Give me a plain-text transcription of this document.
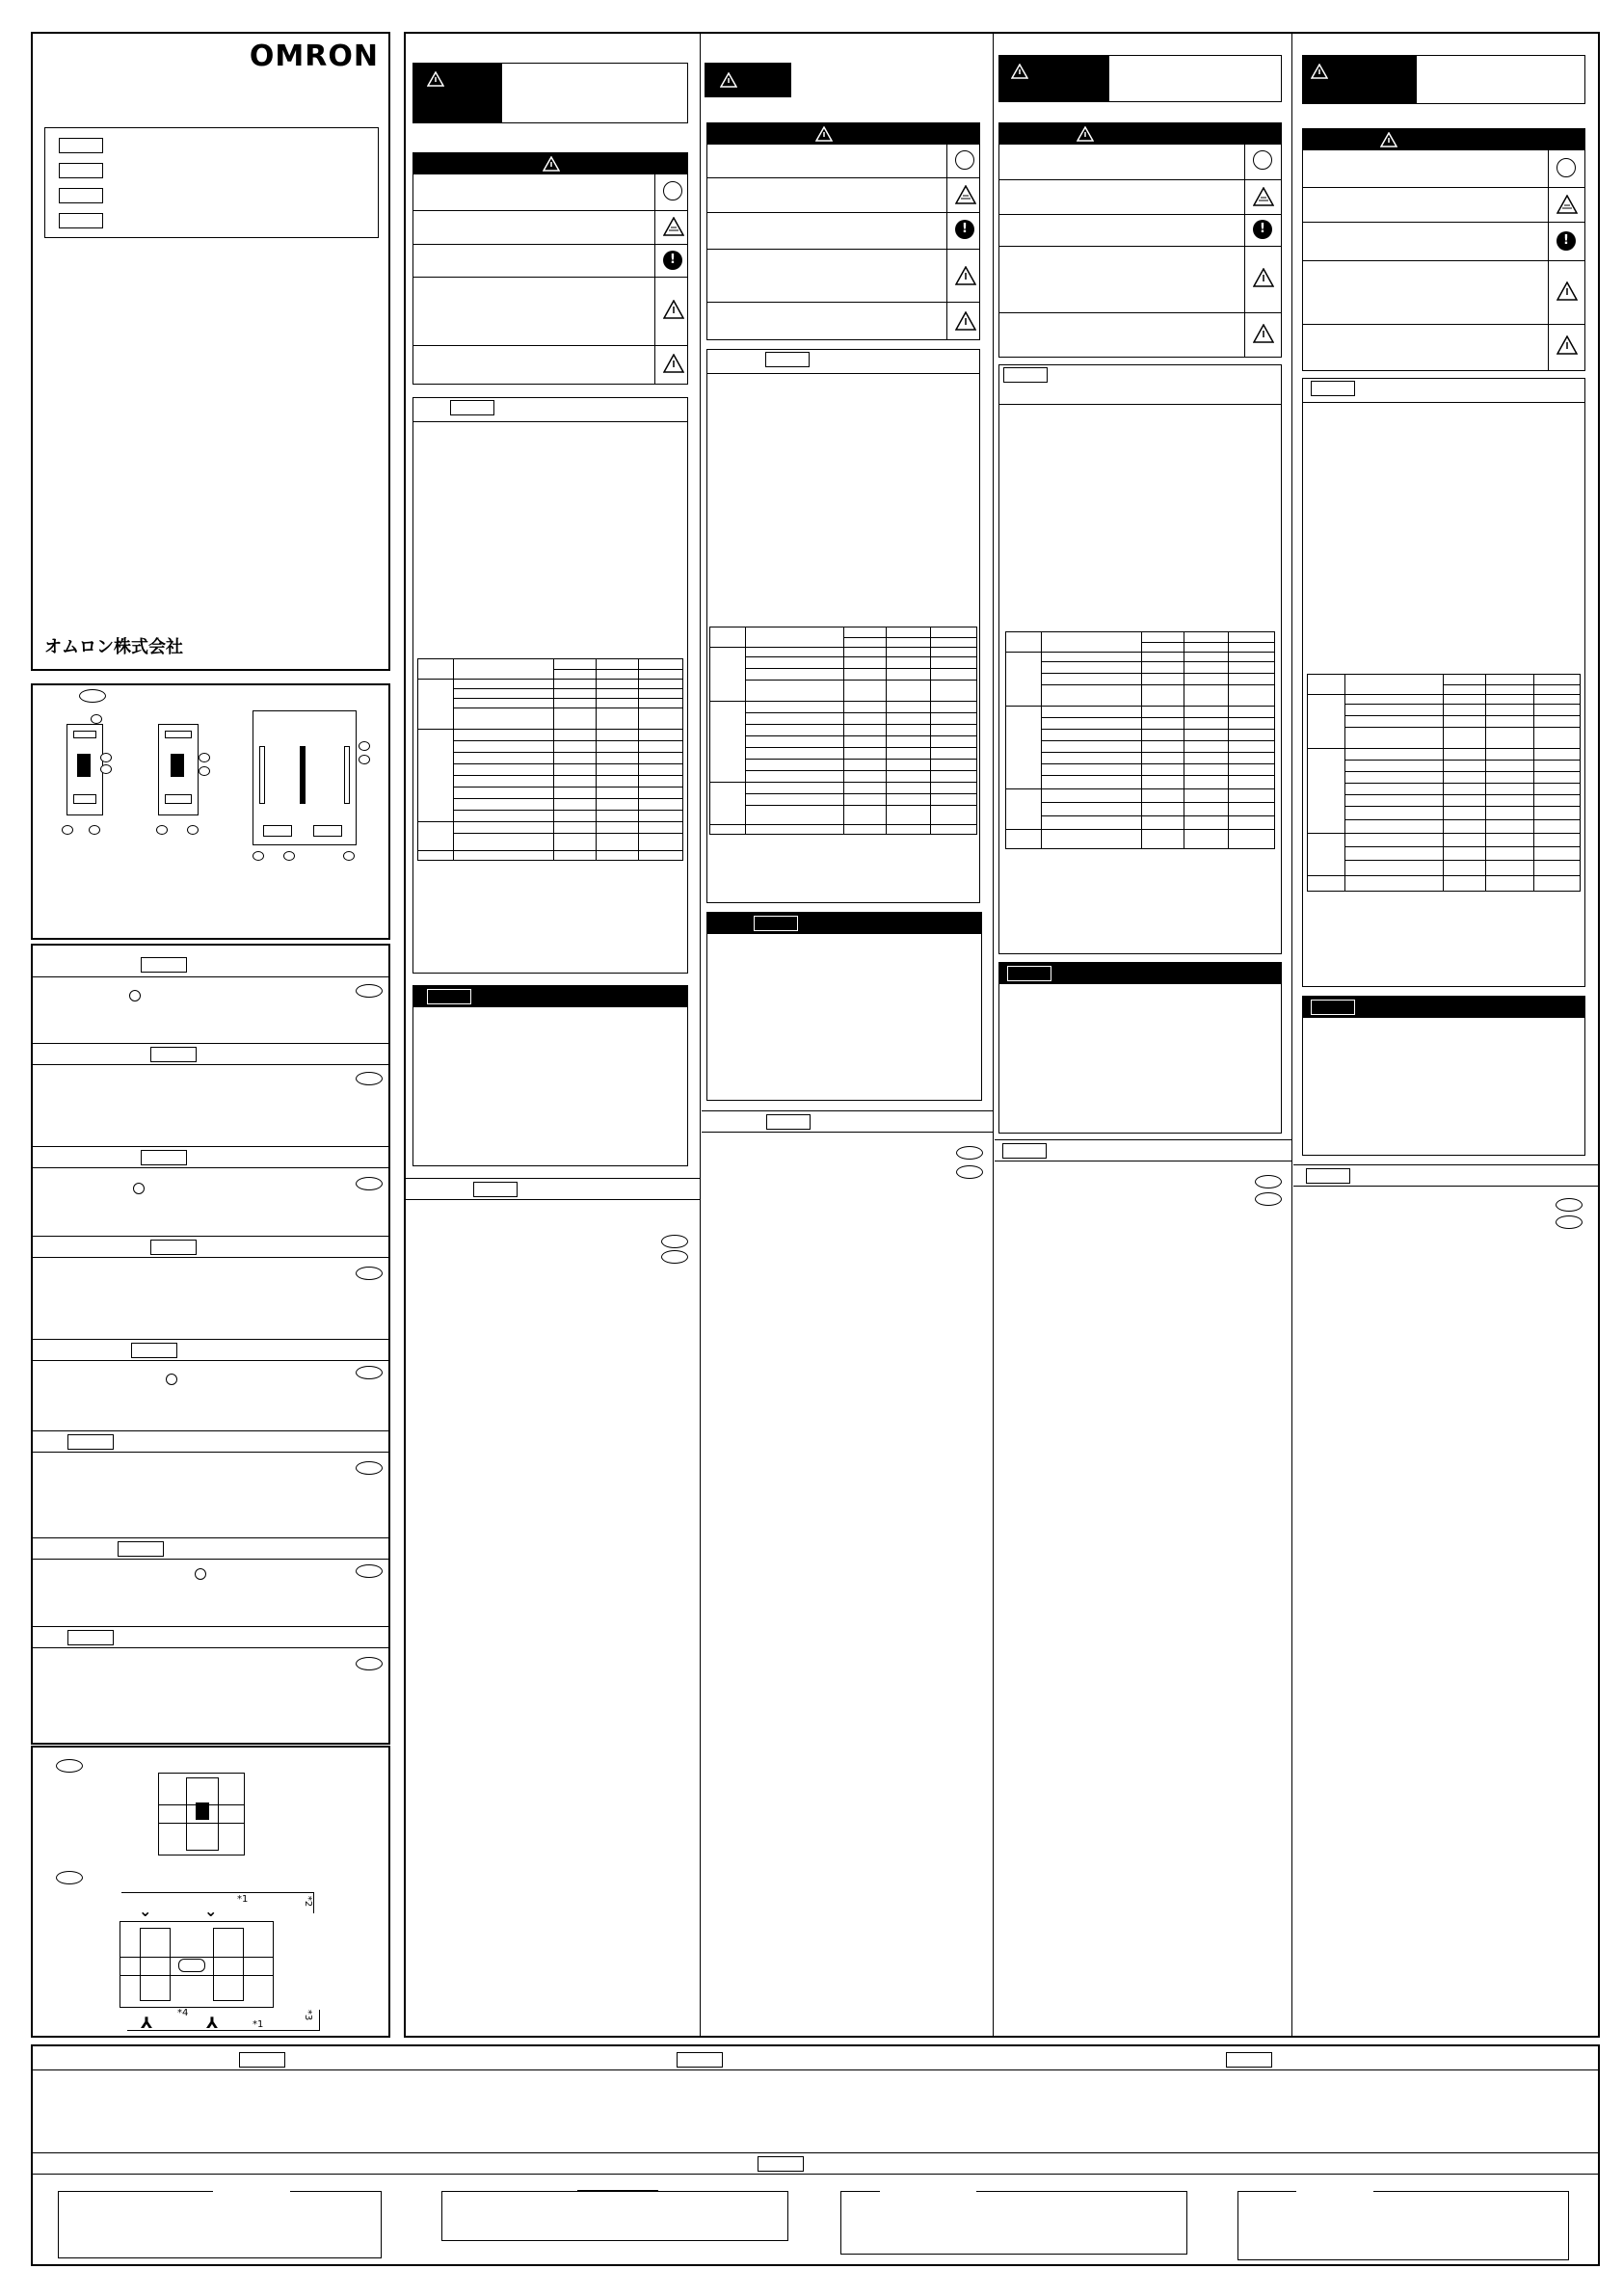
OMRON
オムロン株式会社
*1	*2
⌄	⌄
*4
*1
*3
⅄	⅄
!
!	!
!
